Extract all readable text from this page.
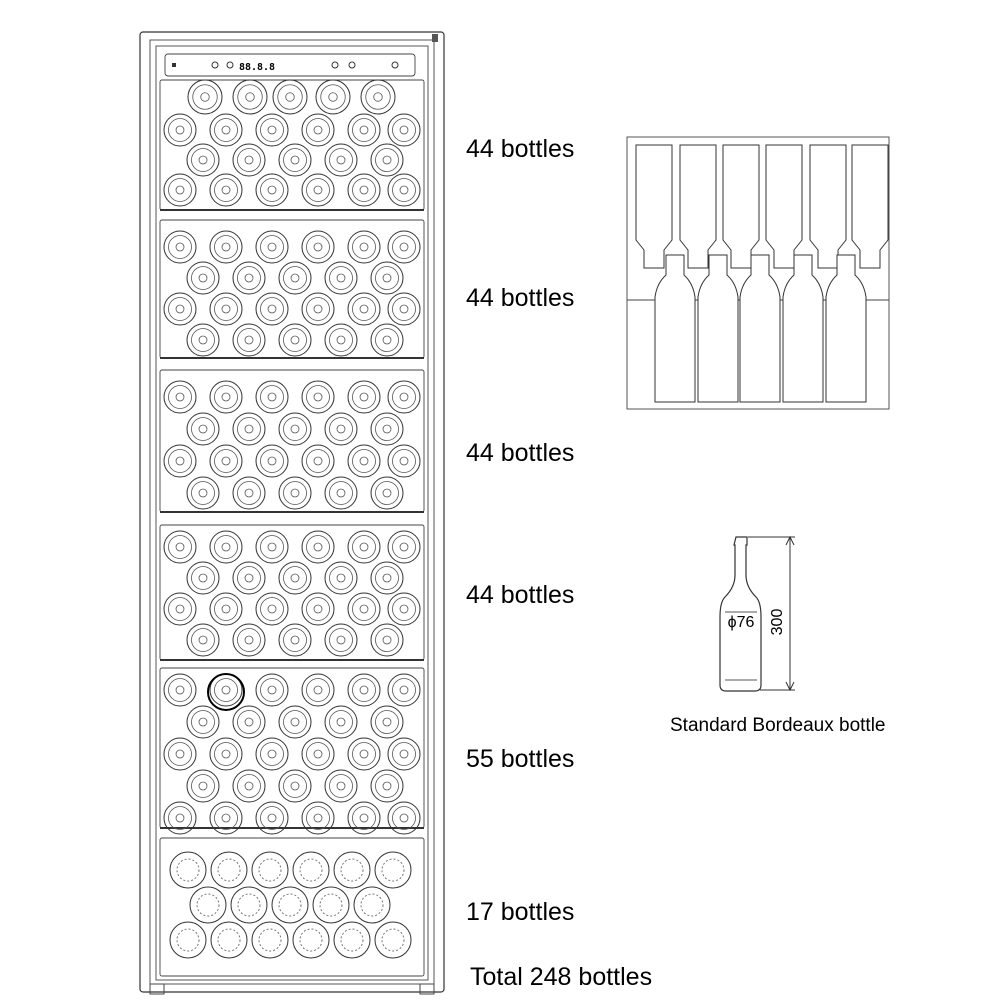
88.8.8
ϕ76 300
44 bottles
44 bottles
44 bottles
44 bottles
55 bottles
17 bottles
Total 248 bottles
Standard Bordeaux bottle
